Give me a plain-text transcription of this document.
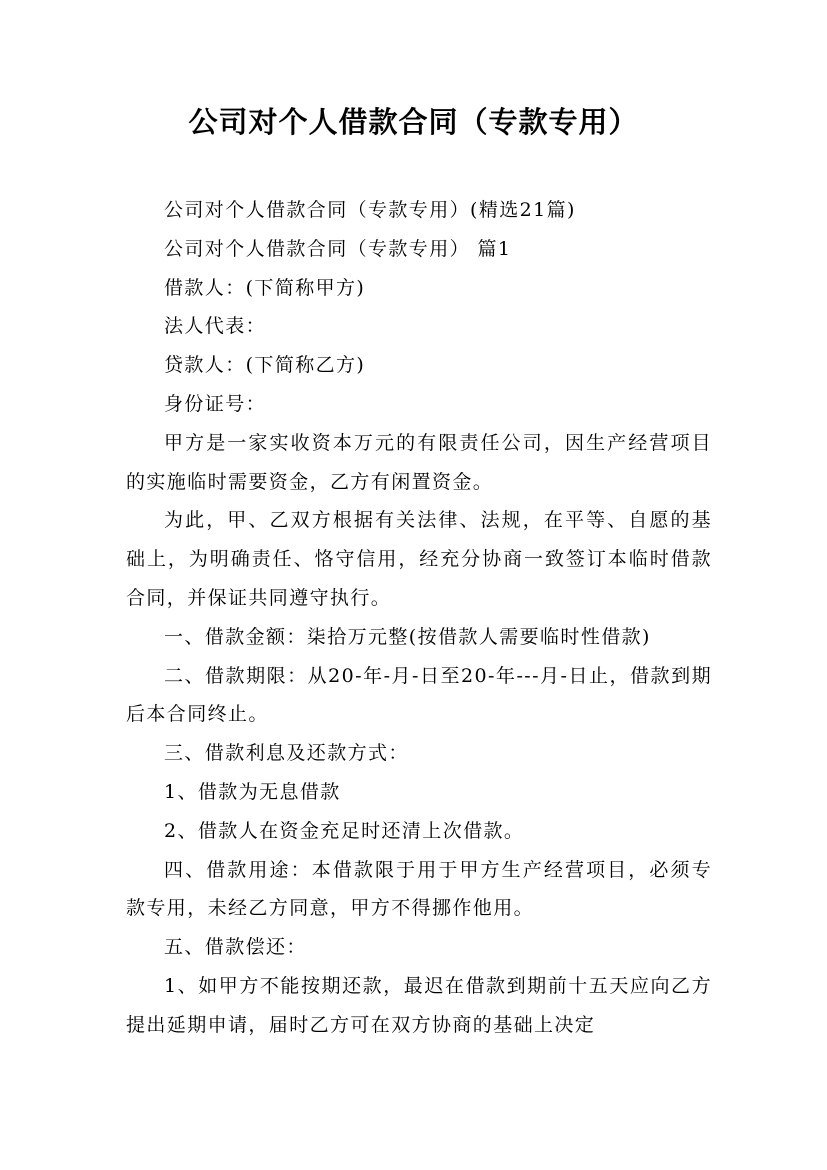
公司对个人借款合同（专款专用）

公司对个人借款合同（专款专用）(精选21篇)

公司对个人借款合同（专款专用） 篇1

借款人：(下简称甲方)

法人代表：

贷款人：(下简称乙方)

身份证号：

甲方是一家实收资本万元的有限责任公司，因生产经营项目的实施临时需要资金，乙方有闲置资金。

为此，甲、乙双方根据有关法律、法规，在平等、自愿的基础上，为明确责任、恪守信用，经充分协商一致签订本临时借款合同，并保证共同遵守执行。

一、借款金额：柒拾万元整(按借款人需要临时性借款)

二、借款期限：从20-年-月-日至20-年---月-日止，借款到期后本合同终止。

三、借款利息及还款方式：

1、借款为无息借款

2、借款人在资金充足时还清上次借款。

四、借款用途：本借款限于用于甲方生产经营项目，必须专款专用，未经乙方同意，甲方不得挪作他用。

五、借款偿还：

1、如甲方不能按期还款，最迟在借款到期前十五天应向乙方提出延期申请，届时乙方可在双方协商的基础上决定
